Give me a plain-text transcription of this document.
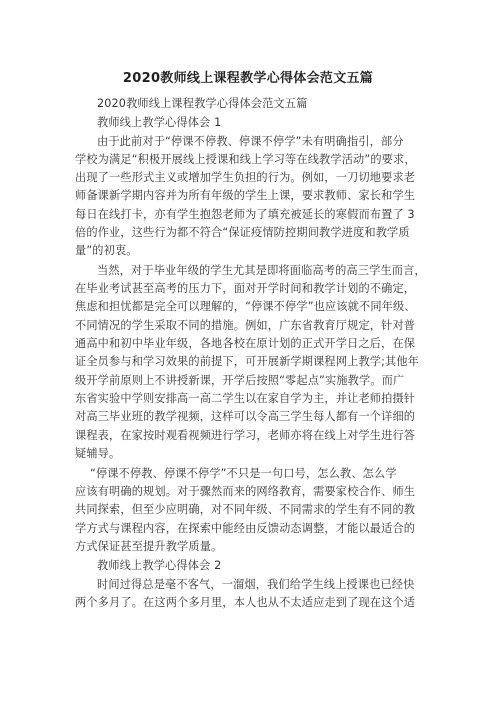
2020教师线上课程教学心得体会范文五篇
2020教师线上课程教学心得体会范文五篇
教师线上教学心得体会 1
由于此前对于“停课不停教、停课不停学”未有明确指引，部分
学校为满足“积极开展线上授课和线上学习等在线教学活动”的要求，
出现了一些形式主义或增加学生负担的行为。例如，一刀切地要求老
师备课新学期内容并为所有年级的学生上课，要求教师、家长和学生
每日在线打卡，亦有学生抱怨老师为了填充被延长的寒假而布置了 3
倍的作业，这些行为都不符合“保证疫情防控期间教学进度和教学质
量”的初衷。
当然，对于毕业年级的学生尤其是即将面临高考的高三学生而言，
在毕业考试甚至高考的压力下，面对开学时间和教学计划的不确定，
焦虑和担忧都是完全可以理解的，“停课不停学”也应该就不同年级、
不同情况的学生采取不同的措施。例如，广东省教育厅规定，针对普
通高中和初中毕业年级，各地各校在原计划的正式开学日之后，在保
证全员参与和学习效果的前提下，可开展新学期课程网上教学;其他年
级开学前原则上不讲授新课，开学后按照“零起点”实施教学。而广
东省实验中学则安排高一高二学生以在家自学为主，并让老师拍摄针
对高三毕业班的教学视频，这样可以令高三学生每人都有一个详细的
课程表，在家按时观看视频进行学习，老师亦将在线上对学生进行答
疑辅导。
“停课不停教、停课不停学”不只是一句口号，怎么教、怎么学
应该有明确的规划。对于骤然而来的网络教育，需要家校合作、师生
共同探索，但至少应明确，对不同年级、不同需求的学生有不同的教
学方式与课程内容，在探索中能经由反馈动态调整，才能以最适合的
方式保证甚至提升教学质量。
教师线上教学心得体会 2
时间过得总是毫不客气，一溜烟，我们给学生线上授课也已经快
两个多月了。在这两个多月里，本人也从不太适应走到了现在这个适
